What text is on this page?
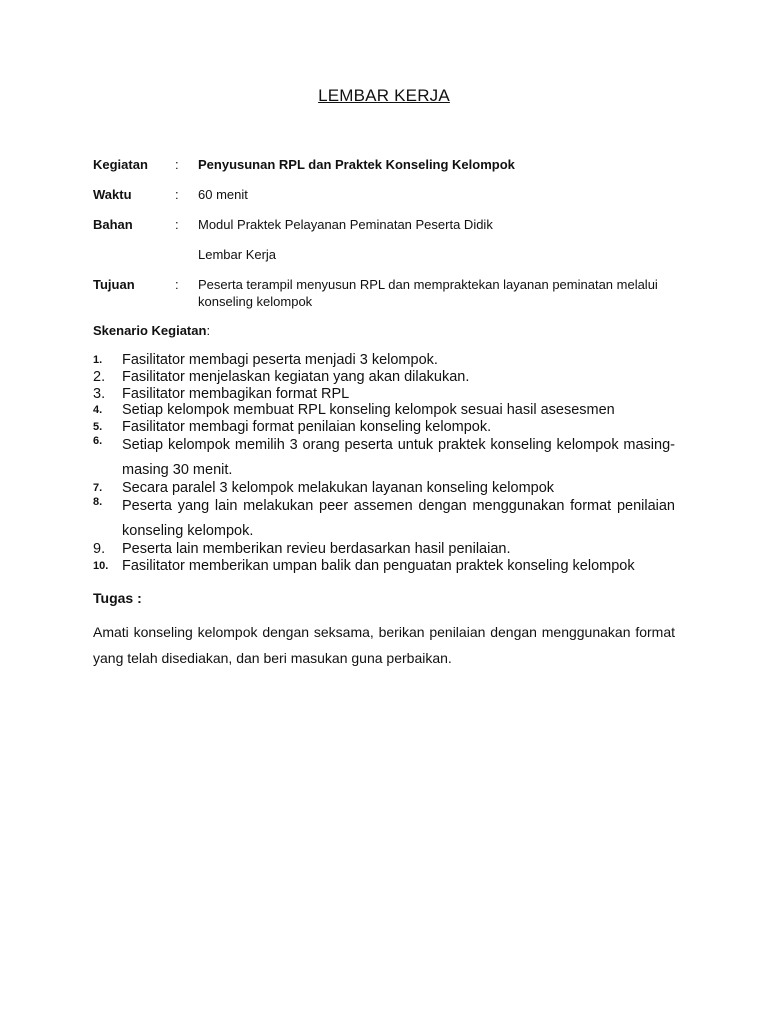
LEMBAR KERJA
Kegiatan : Penyusunan RPL dan Praktek Konseling Kelompok
Waktu	: 60 menit
Bahan	: Modul Praktek Pelayanan Peminatan Peserta Didik
Lembar Kerja
Tujuan	: Peserta terampil menyusun RPL dan mempraktekan layanan peminatan melalui konseling kelompok
Skenario Kegiatan:
1.	Fasilitator membagi peserta menjadi 3 kelompok.
2.	Fasilitator menjelaskan kegiatan yang akan dilakukan.
3.	Fasilitator membagikan format RPL
4.	Setiap kelompok membuat RPL konseling kelompok sesuai hasil asesesmen
5.	Fasilitator membagi format penilaian konseling kelompok.
6.	Setiap kelompok memilih 3 orang peserta untuk praktek konseling kelompok masing-masing 30 menit.
7.	Secara paralel 3 kelompok melakukan layanan konseling kelompok
8.	Peserta yang lain melakukan peer assemen dengan menggunakan format penilaian konseling kelompok.
9.	Peserta lain memberikan revieu berdasarkan hasil penilaian.
10. Fasilitator memberikan umpan balik dan penguatan praktek konseling kelompok
Tugas :
Amati konseling kelompok dengan seksama, berikan penilaian dengan menggunakan format yang telah disediakan, dan beri masukan guna perbaikan.
